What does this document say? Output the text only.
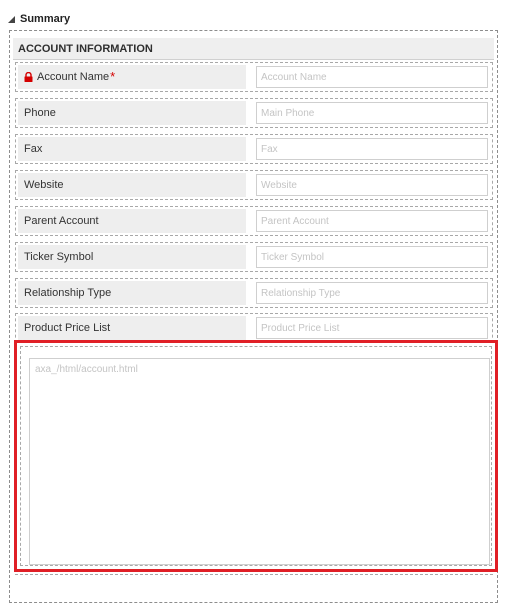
Summary
ACCOUNT INFORMATION
Account Name *
Account Name
Phone
Main Phone
Fax
Fax
Website
Website
Parent Account
Parent Account
Ticker Symbol
Ticker Symbol
Relationship Type
Relationship Type
Product Price List
Product Price List
axa_/html/account.html
